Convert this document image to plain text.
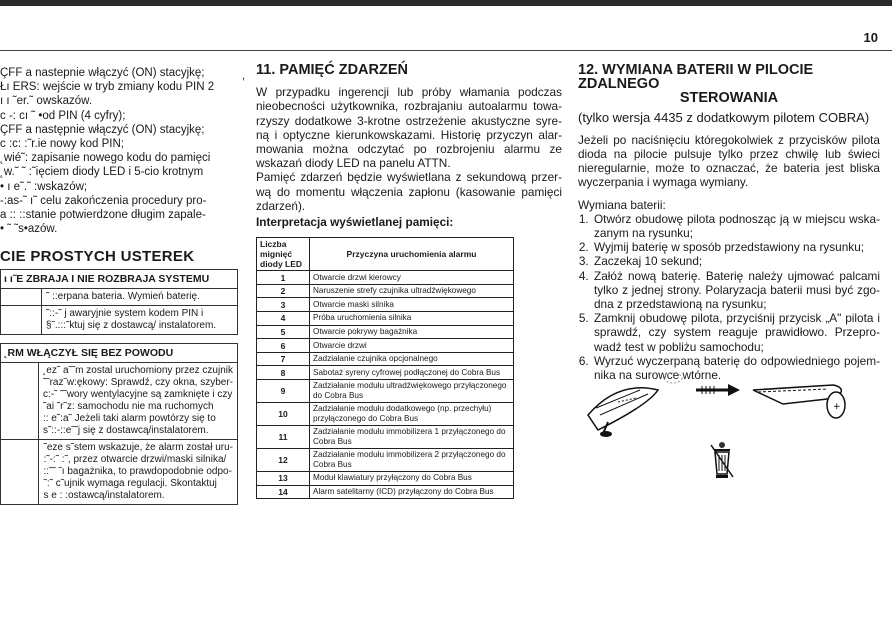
10
,
ÇFF a nastepnie włączyć (ON) stacyjkę;
Łı ERS: wejście w tryb zmiany kodu PIN 2
ı ı ˜er.˜ owskazów.
c -: cı ˜ •od PIN (4 cyfry);
ÇFF a następnie włączyć (ON) stacyjkę;
c :c: :˜r.ie nowy kod PIN;
˛wié˜: zapisanie nowego kodu do pamięci
˛w.˜ ˜ :˜ięciem diody LED i 5-cio krotnym
• ı e˜.˜ :wskazów;
-:as-˜ ı˜ celu zakończenia procedury pro-
a :: ::stanie potwierdzone długim zapale-
• ˜ ˜s•azów.
CIE PROSTYCH USTEREK
ı ı˜E ZBRAJA I NIE ROZBRAJA SYSTEMU
˜ ::erpana bateria. Wymień baterię.
˜::-˜ j awaryjnie system kodem PIN i
§˜.:::˜ktuj się z dostawcą/ instalatorem.
˛RM WŁĄCZYŁ SIĘ BEZ POWODU
˛ez˜ a˜˜m zostal uruchomiony przez czujnik
˜˜raz˜w:ękowy: Sprawdź, czy okna, szyber-
c:-˜ ˜˜wory wentylacyjne są zamknięte i czy
˜ai ˜r˜z: samochodu nie ma ruchomych
:: e˜:a˜ Jeżeli taki alarm powtórzy się to
s˜::-::e˜˜j się z dostawcą/instalatorem.
˜eze s˜stem wskazuje, że alarm został uru-
:˜-:˜ :˜, przez otwarcie drzwi/maski silnika/
::˜˜ ˜ı bagażnika, to prawdopodobnie odpo-
˜:˜ c˜ujnik wymaga regulacji. Skontaktuj
s e : :ostawcą/instalatorem.
11. PAMIĘĆ ZDARZEŃ

W przypadku ingerencji lub próby włamania podczas
nieobecności użytkownika, rozbrajaniu autoalarmu towa-
rzyszy dodatkowe 3-krotne ostrzeżenie akustyczne syre-
ną i optyczne kierunkowskazami. Historię przyczyn alar-
mowania można odczytać po rozbrojeniu alarmu ze
wskazań diody LED na panelu ATTN.

Pamięć zdarzeń będzie wyświetlana z sekundową przer-
wą do momentu włączenia zapłonu (kasowanie pamięci
zdarzeń).

Interpretacja wyświetlanej pamięci:
Liczba mignięć diody LED	Przyczyna uruchomienia alarmu
1	Otwarcie drzwi kierowcy
2	Naruszenie strefy czujnika ultradźwiękowego
3	Otwarcie maski silnika
4	Próba uruchomienia silnika
5	Otwarcie pokrywy bagażnika
6	Otwarcie drzwi
7	Zadziałanie czujnika opcjonalnego
8	Sabotaż syreny cyfrowej podłączonej do Cobra Bus
9	Zadziałanie modułu ultradźwiękowego przyłączonego do Cobra Bus
10	Zadziałanie modułu dodatkowego (np. przechyłu) przyłączonego do Cobra Bus
11	Zadziałanie modułu immobilizera 1 przyłączonego do Cobra Bus
12	Zadziałanie modułu immobilizera 2 przyłączonego do Cobra Bus
13	Moduł klawiatury przyłączony do Cobra Bus
14	Alarm satelitarny (ICD) przyłączony do Cobra Bus
12. WYMIANA BATERII W PILOCIE ZDALNEGO
STEROWANIA
(tylko wersja 4435 z dodatkowym pilotem COBRA)

Jeżeli po naciśnięciu któregokolwiek z przycisków pilota
dioda na pilocie pulsuje tylko przez chwilę lub świeci
nieregularnie, może to oznaczać, że bateria jest bliska
wyczerpania i wymaga wymiany.

Wymiana baterii:
1. Otwórz obudowę pilota podnosząc ją w miejscu wska-zanym na rysunku;
2. Wyjmij baterię w sposób przedstawiony na rysunku;
3. Zaczekaj 10 sekund;
4. Załóż nową baterię. Baterię należy ujmować palcami tylko z jednej strony. Polaryzacja baterii musi być zgo-dna z przedstawioną na rysunku;
5. Zamknij obudowę pilota, przyciśnij przycisk „A" pilota i sprawdź, czy system reaguje prawidłowo. Przepro-wadź test w pobliżu samochodu;
6. Wyrzuć wyczerpaną baterię do odpowiedniego pojem-nika na surowce wtórne.
+
